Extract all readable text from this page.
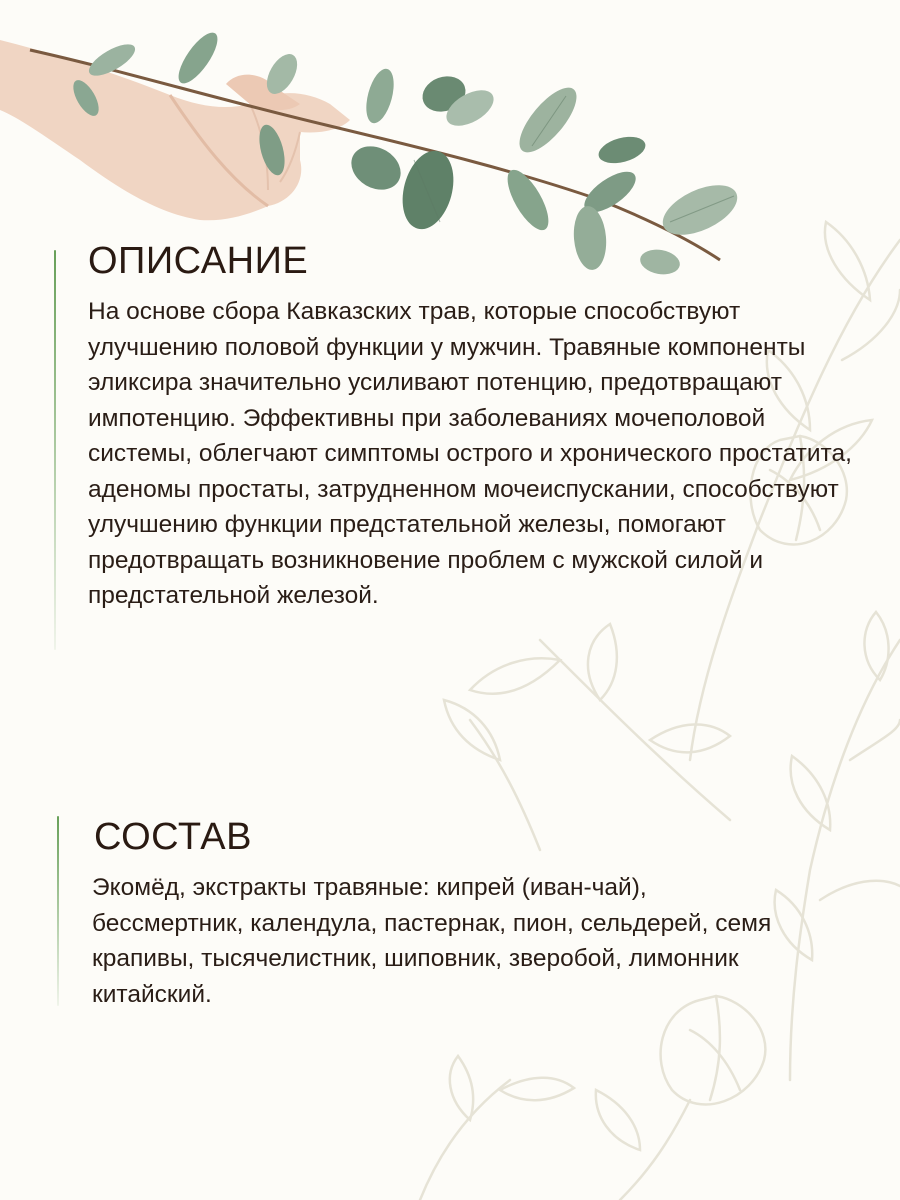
ОПИСАНИЕ

На основе сбора Кавказских трав, которые способствуют улучшению половой функции у мужчин. Травяные компоненты эликсира значительно усиливают потенцию, предотвращают импотенцию. Эффективны при заболеваниях мочеполовой системы, облегчают симптомы острого и хронического простатита, аденомы простаты, затрудненном мочеиспускании, способствуют улучшению функции предстательной железы, помогают предотвращать возникновение проблем с мужской силой и предстательной железой.

СОСТАВ

Экомёд, экстракты травяные: кипрей (иван-чай), бессмертник, календула, пастернак, пион, сельдерей, семя крапивы, тысячелистник, шиповник, зверобой, лимонник китайский.
